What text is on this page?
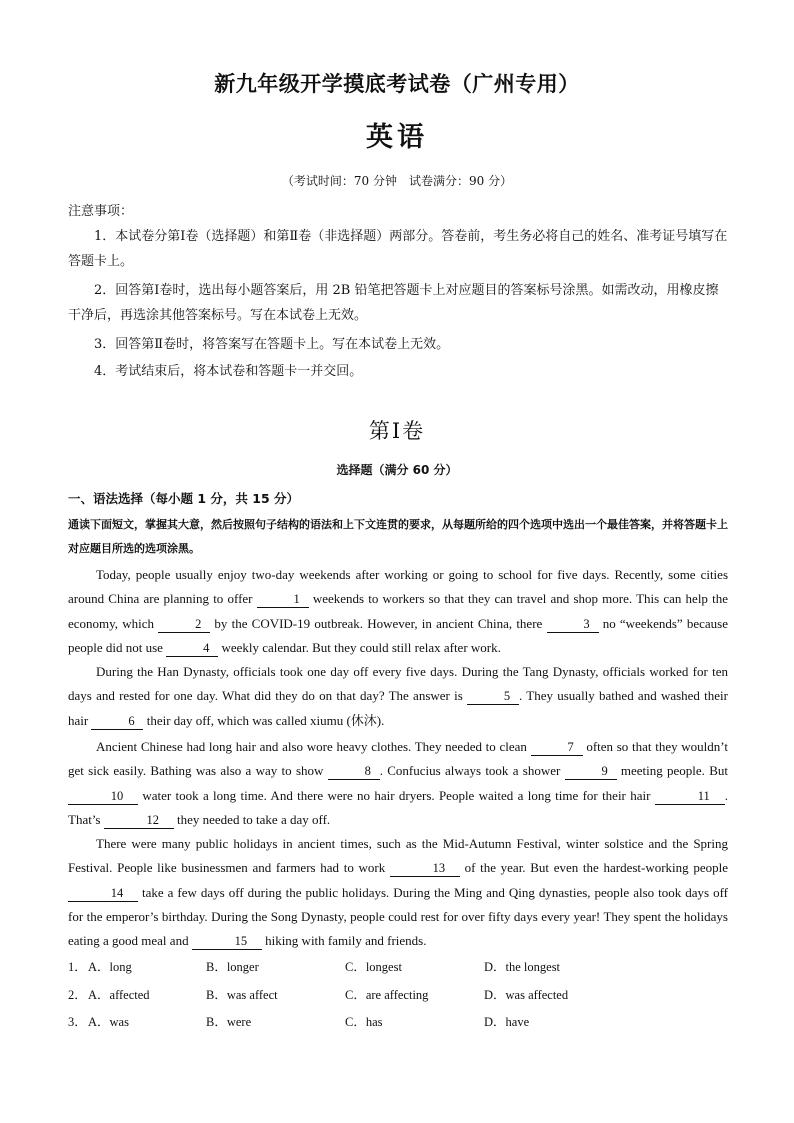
新九年级开学摸底考试卷（广州专用）
英语
（考试时间：70 分钟　试卷满分：90 分）
注意事项：
1．本试卷分第Ⅰ卷（选择题）和第Ⅱ卷（非选择题）两部分。答卷前，考生务必将自己的姓名、准考证号填写在答题卡上。
2．回答第Ⅰ卷时，选出每小题答案后，用 2B 铅笔把答题卡上对应题目的答案标号涂黑。如需改动，用橡皮擦干净后，再选涂其他答案标号。写在本试卷上无效。
3．回答第Ⅱ卷时，将答案写在答题卡上。写在本试卷上无效。
4．考试结束后，将本试卷和答题卡一并交回。
第Ⅰ卷
选择题（满分 60 分）
一、语法选择（每小题 1 分，共 15 分）
通读下面短文，掌握其大意，然后按照句子结构的语法和上下文连贯的要求，从每题所给的四个选项中选出一个最佳答案，并将答题卡上对应题目所选的选项涂黑。

Today, people usually enjoy two-day weekends after working or going to school for five days. Recently, some cities around China are planning to offer	1 weekends to workers so that they can travel and shop more. This can help the economy, which	2 by the COVID-19 outbreak. However, in ancient China, there	3 no “weekends” because people did not use	4 weekly calendar. But they could still relax after work.

During the Han Dynasty, officials took one day off every five days. During the Tang Dynasty, officials worked for ten days and rested for one day. What did they do on that day? The answer is	5 . They usually bathed and washed their hair	6 their day off, which was called xiumu (休沐).

Ancient Chinese had long hair and also wore heavy clothes. They needed to clean	7 often so that they wouldn’t get sick easily. Bathing was also a way to show	8 . Confucius always took a shower	9 meeting people. But 10 water took a long time. And there were no hair dryers. People waited a long time for their hair	11 . That’s	12 they needed to take a day off.

There were many public holidays in ancient times, such as the Mid-Autumn Festival, winter solstice and the Spring Festival. People like businessmen and farmers had to work	13 of the year. But even the hardest-working people 14 take a few days off during the public holidays. During the Ming and Qing dynasties, people also took days off for the emperor’s birthday. During the Song Dynasty, people could rest for over fifty days every year! They spent the holidays eating a good meal and	15 hiking with family and friends.

1． A．long	B．longer	C．longest	D．the longest
2． A．affected	B．was affect	C．are affecting	D．was affected
3． A．was	B．were	C．has	D．have
